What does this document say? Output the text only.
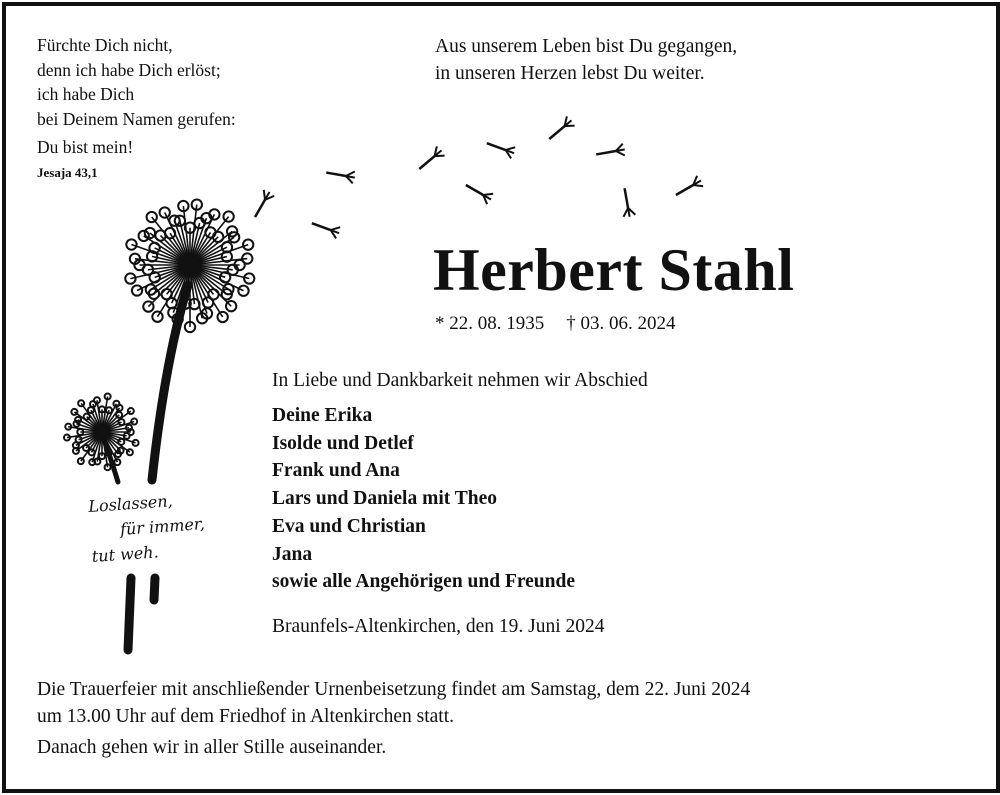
Fürchte Dich nicht,
denn ich habe Dich erlöst;
ich habe Dich
bei Deinem Namen gerufen:
Du bist mein!
Jesaja 43,1
Aus unserem Leben bist Du gegangen,
in unseren Herzen lebst Du weiter.
Herbert Stahl
* 22. 08. 1935 † 03. 06. 2024
Loslassen,
für immer,
tut weh.
In Liebe und Dankbarkeit nehmen wir Abschied
Deine Erika
Isolde und Detlef
Frank und Ana
Lars und Daniela mit Theo
Eva und Christian
Jana
sowie alle Angehörigen und Freunde
Braunfels-Altenkirchen, den 19. Juni 2024
Die Trauerfeier mit anschließender Urnenbeisetzung findet am Samstag, dem 22. Juni 2024
um 13.00 Uhr auf dem Friedhof in Altenkirchen statt.
Danach gehen wir in aller Stille auseinander.
